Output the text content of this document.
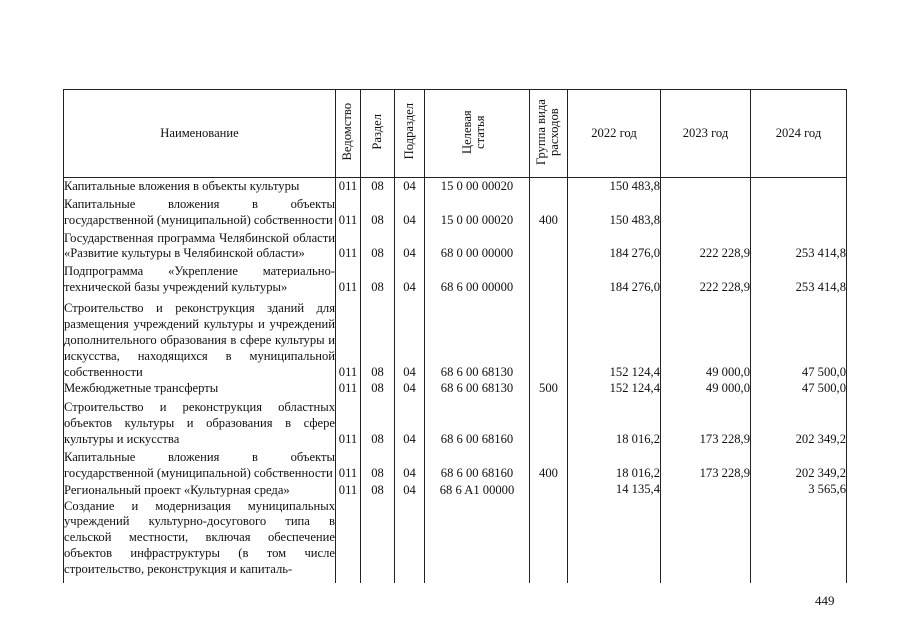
Наименование	Ведомство	Раздел	Подраздел	Целевая статья	Группа вида расходов	2022 год	2023 год	2024 год
Капитальные вложения в объекты культуры	011	08	04	15 0 00 00020		150 483,8		
Капитальные вложения в объекты государственной (муниципальной) собственности	011	08	04	15 0 00 00020	400	150 483,8		
Государственная программа Челябинской области «Развитие культуры в Челябинской области»	011	08	04	68 0 00 00000		184 276,0	222 228,9	253 414,8
Подпрограмма «Укрепление материально-технической базы учреждений культуры»	011	08	04	68 6 00 00000		184 276,0	222 228,9	253 414,8
Строительство и реконструкция зданий для размещения учреждений культуры и учреждений дополнительного образования в сфере культуры и искусства, находящихся в муниципальной собственности	011	08	04	68 6 00 68130		152 124,4	49 000,0	47 500,0
Межбюджетные трансферты	011	08	04	68 6 00 68130	500	152 124,4	49 000,0	47 500,0
Строительство и реконструкция областных объектов культуры и образования в сфере культуры и искусства	011	08	04	68 6 00 68160		18 016,2	173 228,9	202 349,2
Капитальные вложения в объекты государственной (муниципальной) собственности	011	08	04	68 6 00 68160	400	18 016,2	173 228,9	202 349,2
Региональный проект «Культурная среда»	011	08	04	68 6 A1 00000		14 135,4		3 565,6
Создание и модернизация муниципальных учреждений культурно-досугового типа в сельской местности, включая обеспечение объектов инфраструктуры (в том числе строительство, реконструкция и капиталь-								
449
